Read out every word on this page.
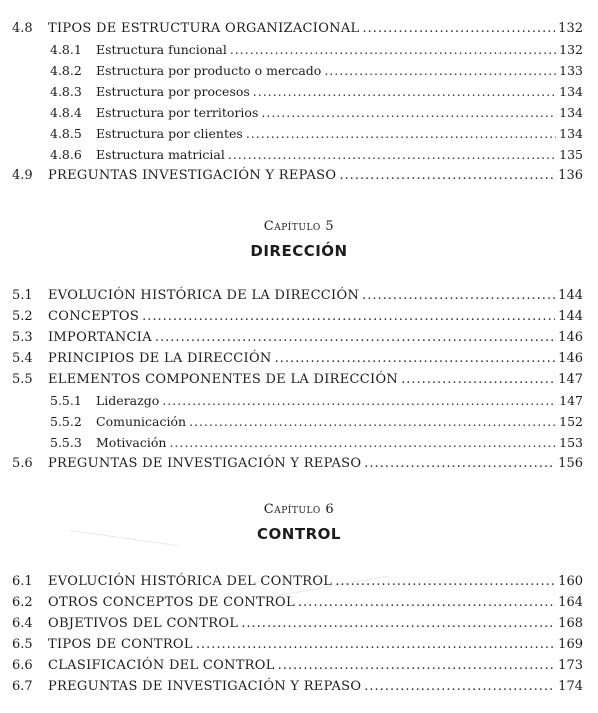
4.8 TIPOS DE ESTRUCTURA ORGANIZACIONAL .....	132
4.8.1 Estructura funcional .....	132
4.8.2 Estructura por producto o mercado .....	133
4.8.3 Estructura por procesos .....	134
4.8.4 Estructura por territorios .....	134
4.8.5 Estructura por clientes .....	134
4.8.6 Estructura matricial .....	135
4.9 PREGUNTAS INVESTIGACIÓN Y REPASO .....	136
Capítulo 5
DIRECCIÓN
5.1 EVOLUCIÓN HISTÓRICA DE LA DIRECCIÓN .....	144
5.2 CONCEPTOS .....	144
5.3 IMPORTANCIA .....	146
5.4 PRINCIPIOS DE LA DIRECCIÓN .....	146
5.5 ELEMENTOS COMPONENTES DE LA DIRECCIÓN .....	147
5.5.1 Liderazgo .....	147
5.5.2 Comunicación .....	152
5.5.3 Motivación .....	153
5.6 PREGUNTAS DE INVESTIGACIÓN Y REPASO .....	156
Capítulo 6
CONTROL
6.1 EVOLUCIÓN HISTÓRICA DEL CONTROL .....	160
6.2 OTROS CONCEPTOS DE CONTROL .....	164
6.4 OBJETIVOS DEL CONTROL .....	168
6.5 TIPOS DE CONTROL .....	169
6.6 CLASIFICACIÓN DEL CONTROL .....	173
6.7 PREGUNTAS DE INVESTIGACIÓN Y REPASO .....	174
